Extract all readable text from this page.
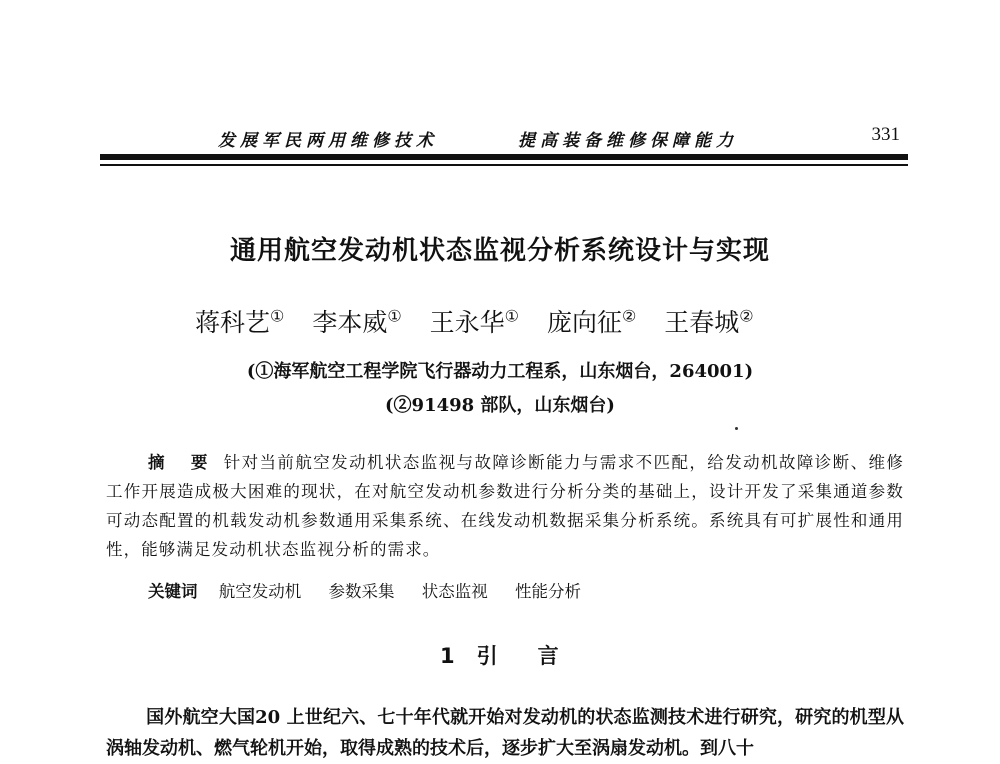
发展军民两用维修技术	提高装备维修保障能力	331
通用航空发动机状态监视分析系统设计与实现
蒋科艺① 李本威① 王永华① 庞向征② 王春城②
(①海军航空工程学院飞行器动力工程系，山东烟台，264001)
(②91498 部队，山东烟台)
摘 要 针对当前航空发动机状态监视与故障诊断能力与需求不匹配，给发动机故障诊断、维修工作开展造成极大困难的现状，在对航空发动机参数进行分析分类的基础上，设计开发了采集通道参数可动态配置的机载发动机参数通用采集系统、在线发动机数据采集分析系统。系统具有可扩展性和通用性，能够满足发动机状态监视分析的需求。
关键词 航空发动机 参数采集 状态监视 性能分析
1 引言
国外航空大国20 上世纪六、七十年代就开始对发动机的状态监测技术进行研究，研究的机型从涡轴发动机、燃气轮机开始，取得成熟的技术后，逐步扩大至涡扇发动机。到八十
